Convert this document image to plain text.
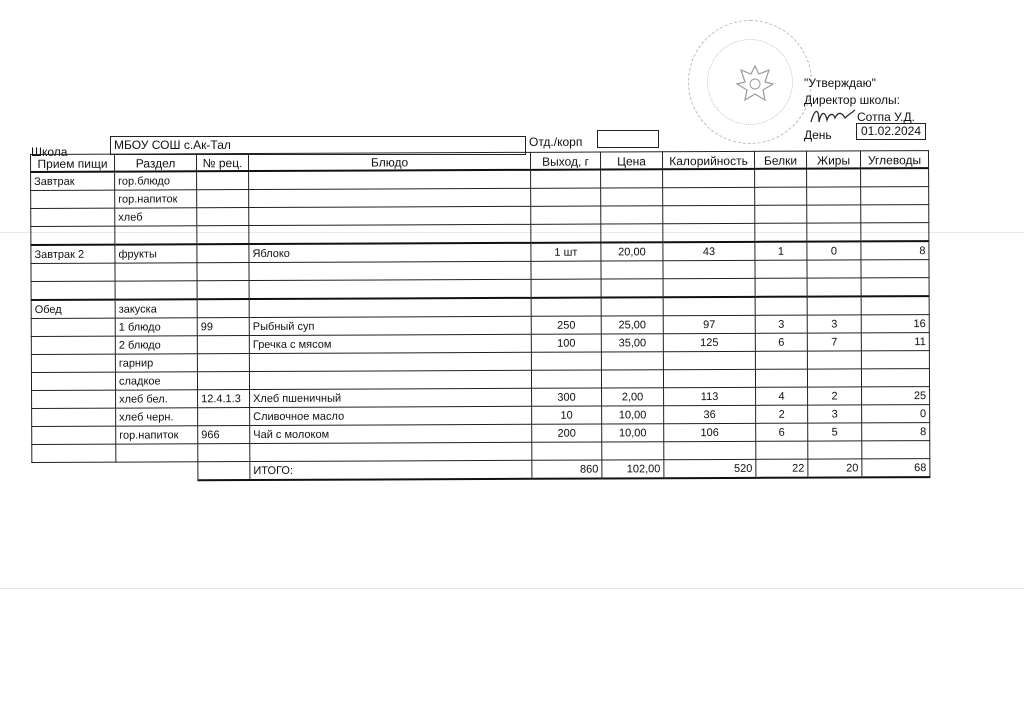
"Утверждаю"
Директор школы:
Сотпа У.Д.
День	01.02.2024
Школа	МБОУ СОШ с.Ак-Тал	Отд./корп
Прием пищи	Раздел	№ рец.	Блюдо	Выход, г	Цена	Калорийность	Белки	Жиры	Углеводы
Завтрак	гор.блюдо								
	гор.напиток								
	хлеб								

Завтрак 2	фрукты		Яблоко	1 шт	20,00	43	1	0	8

Обед	закуска								
	1 блюдо	99	Рыбный суп	250	25,00	97	3	3	16
	2 блюдо		Гречка с мясом	100	35,00	125	6	7	11
	гарнир								
	сладкое								
	хлеб бел.	12.4.1.3	Хлеб пшеничный	300	2,00	113	4	2	25
	хлеб черн.		Сливочное масло	10	10,00	36	2	3	0
	гор.напиток	966	Чай с молоком	200	10,00	106	6	5	8

			ИТОГО:	860	102,00	520	22	20	68
